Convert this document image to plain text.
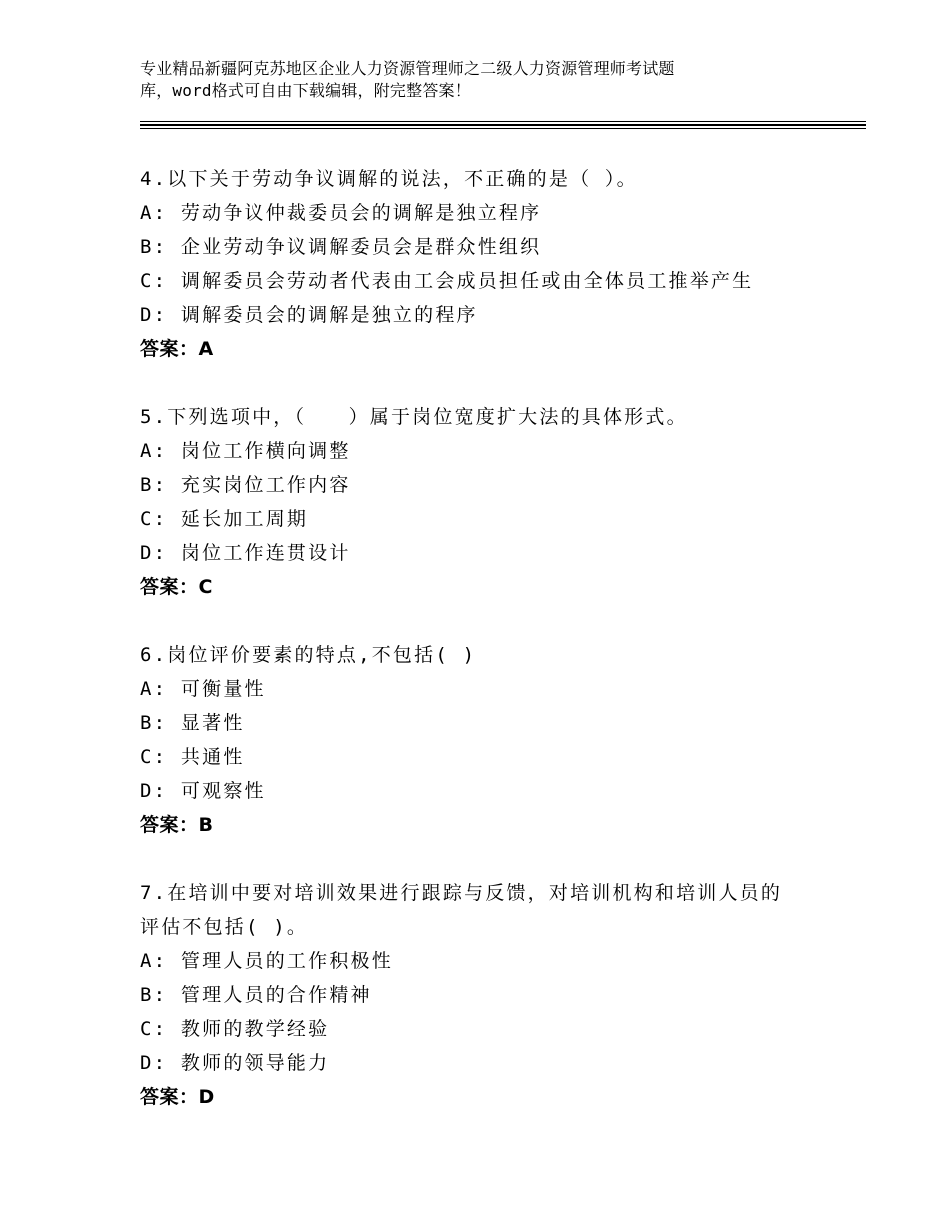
专业精品新疆阿克苏地区企业人力资源管理师之二级人力资源管理师考试题
库，word格式可自由下载编辑，附完整答案！
4.以下关于劳动争议调解的说法，不正确的是（ ）。
A: 劳动争议仲裁委员会的调解是独立程序
B: 企业劳动争议调解委员会是群众性组织
C: 调解委员会劳动者代表由工会成员担任或由全体员工推举产生
D: 调解委员会的调解是独立的程序
答案：A
5.下列选项中，（　　）属于岗位宽度扩大法的具体形式。
A: 岗位工作横向调整
B: 充实岗位工作内容
C: 延长加工周期
D: 岗位工作连贯设计
答案：C
6.岗位评价要素的特点,不包括( )
A: 可衡量性
B: 显著性
C: 共通性
D: 可观察性
答案：B
7.在培训中要对培训效果进行跟踪与反馈，对培训机构和培训人员的
评估不包括( )。
A: 管理人员的工作积极性
B: 管理人员的合作精神
C: 教师的教学经验
D: 教师的领导能力
答案：D
